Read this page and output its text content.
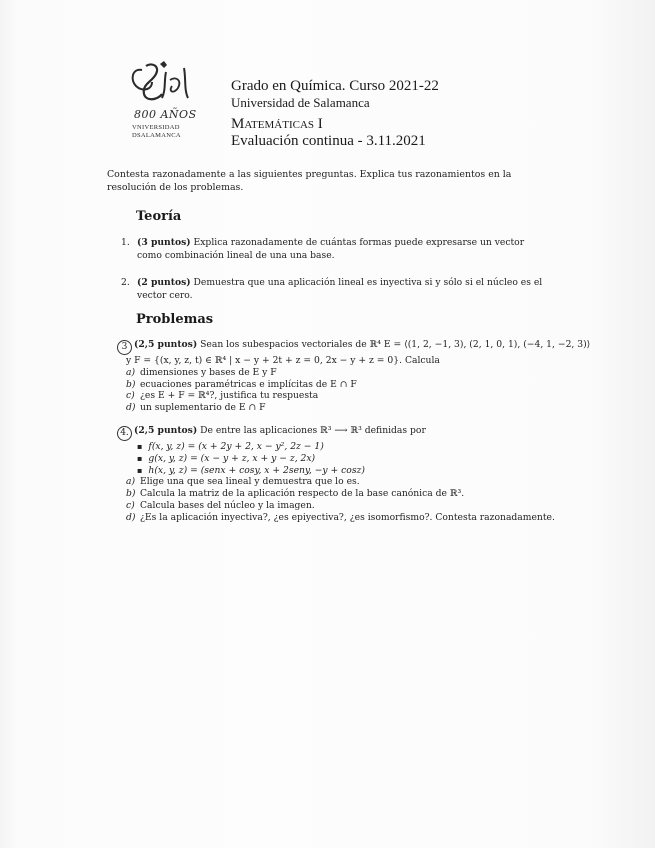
800 AÑOS
VNIVERSIDAD
DSALAMANCA
Grado en Química. Curso 2021-22
Universidad de Salamanca
Matemáticas I
Evaluación continua - 3.11.2021
Contesta razonadamente a las siguientes preguntas. Explica tus razonamientos en la resolución de los problemas.
Teoría
1. (3 puntos) Explica razonadamente de cuántas formas puede expresarse un vector como combinación lineal de una una base.
2. (2 puntos) Demuestra que una aplicación lineal es inyectiva si y sólo si el núcleo es el vector cero.
Problemas
3 (2,5 puntos) Sean los subespacios vectoriales de ℝ⁴ E = ⟨(1, 2, −1, 3), (2, 1, 0, 1), (−4, 1, −2, 3)⟩
y F = {(x, y, z, t) ∈ ℝ⁴ | x − y + 2t + z = 0, 2x − y + z = 0}. Calcula
a) dimensiones y bases de E y F
b) ecuaciones paramétricas e implícitas de E ∩ F
c) ¿es E + F = ℝ⁴?, justifica tu respuesta
d) un suplementario de E ∩ F
4. (2,5 puntos) De entre las aplicaciones ℝ³ ⟶ ℝ³ definidas por
▪ f(x, y, z) = (x + 2y + 2, x − y², 2z − 1)
▪ g(x, y, z) = (x − y + z, x + y − z, 2x)
▪ h(x, y, z) = (senx + cosy, x + 2seny, −y + cosz)
a) Elige una que sea lineal y demuestra que lo es.
b) Calcula la matriz de la aplicación respecto de la base canónica de ℝ³.
c) Calcula bases del núcleo y la imagen.
d) ¿Es la aplicación inyectiva?, ¿es epiyectiva?, ¿es isomorfismo?. Contesta razonadamente.
